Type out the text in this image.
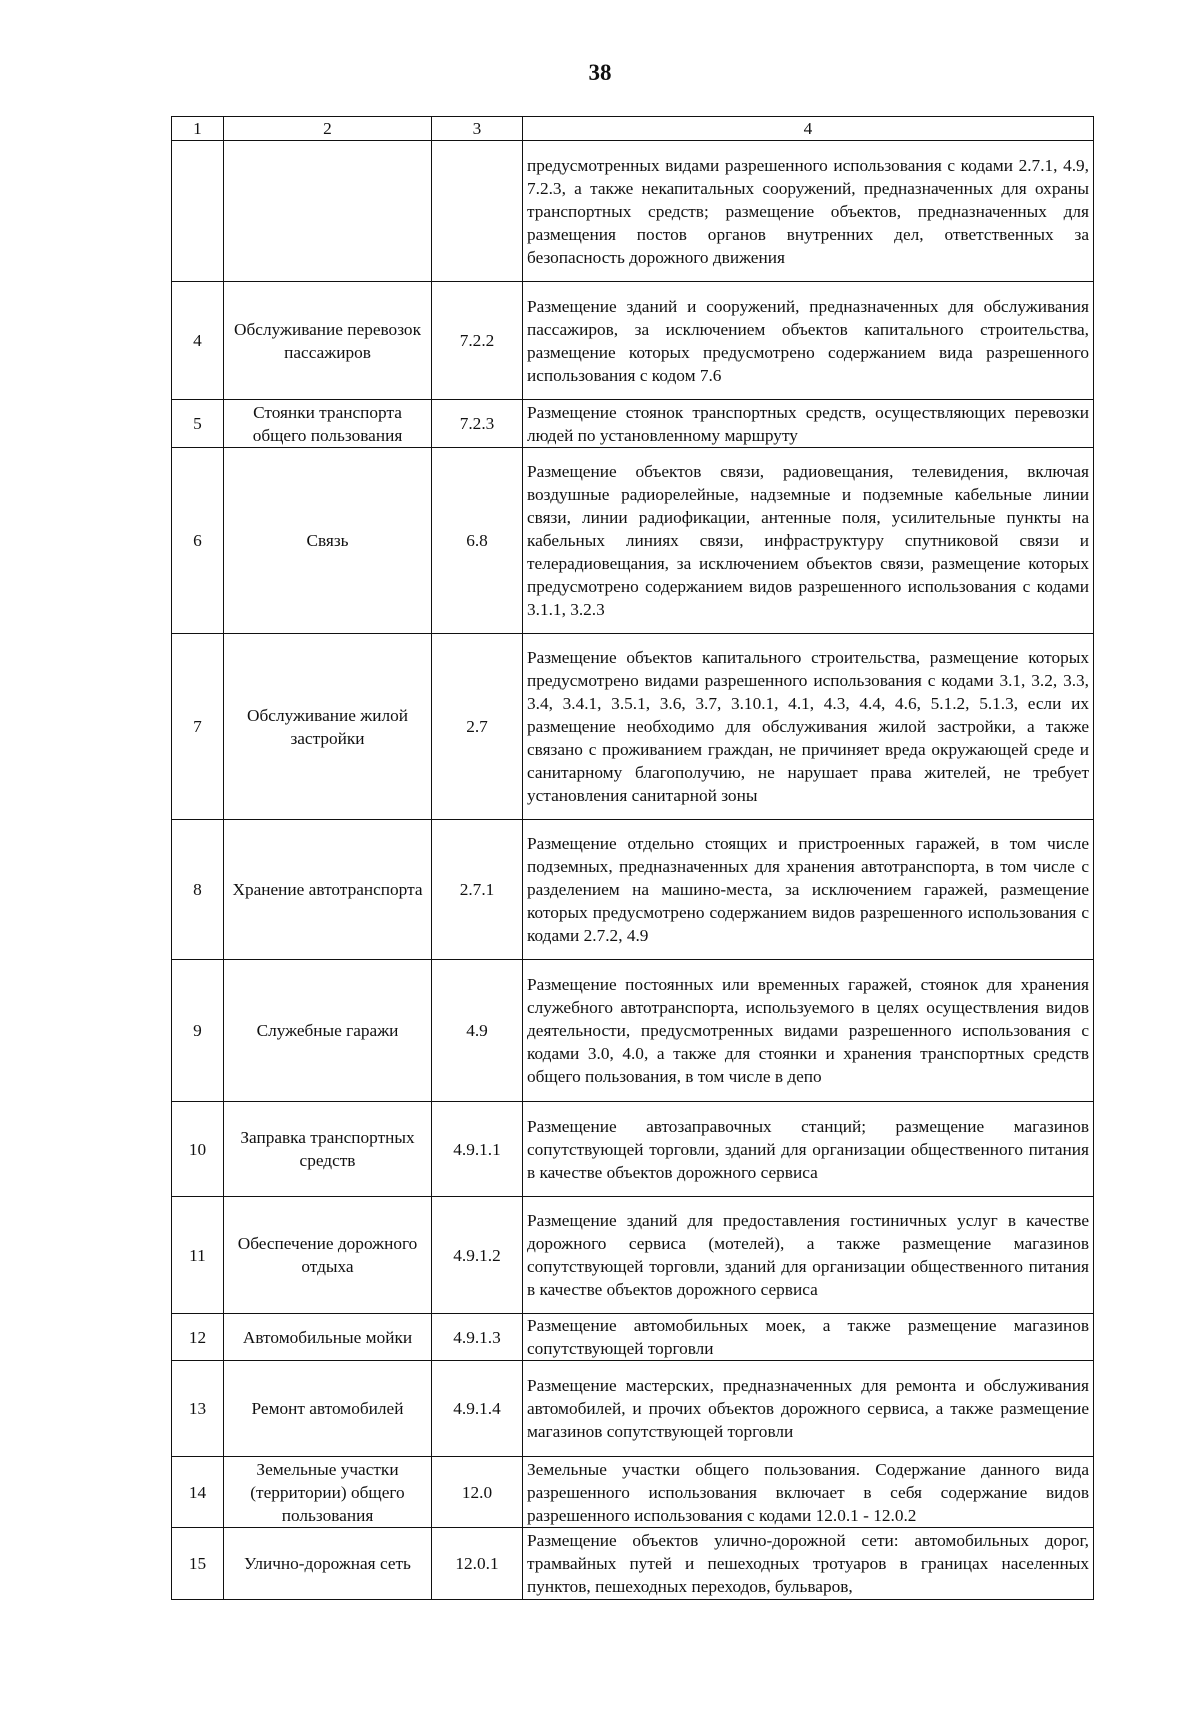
38
1	2	3	4
			предусмотренных видами разрешенного использования с кодами 2.7.1, 4.9, 7.2.3, а также некапитальных сооружений, предназначенных для охраны транспортных средств; размещение объектов, предназначенных для размещения постов органов внутренних дел, ответственных за безопасность дорожного движения
4	Обслуживание перевозок пассажиров	7.2.2	Размещение зданий и сооружений, предназначенных для обслуживания пассажиров, за исключением объектов капитального строительства, размещение которых предусмотрено содержанием вида разрешенного использования с кодом 7.6
5	Стоянки транспорта общего пользования	7.2.3	Размещение стоянок транспортных средств, осуществляющих перевозки людей по установленному маршруту
6	Связь	6.8	Размещение объектов связи, радиовещания, телевидения, включая воздушные радиорелейные, надземные и подземные кабельные линии связи, линии радиофикации, антенные поля, усилительные пункты на кабельных линиях связи, инфраструктуру спутниковой связи и телерадиовещания, за исключением объектов связи, размещение которых предусмотрено содержанием видов разрешенного использования с кодами 3.1.1, 3.2.3
7	Обслуживание жилой застройки	2.7	Размещение объектов капитального строительства, размещение которых предусмотрено видами разрешенного использования с кодами 3.1, 3.2, 3.3, 3.4, 3.4.1, 3.5.1, 3.6, 3.7, 3.10.1, 4.1, 4.3, 4.4, 4.6, 5.1.2, 5.1.3, если их размещение необходимо для обслуживания жилой застройки, а также связано с проживанием граждан, не причиняет вреда окружающей среде и санитарному благополучию, не нарушает права жителей, не требует установления санитарной зоны
8	Хранение автотранспорта	2.7.1	Размещение отдельно стоящих и пристроенных гаражей, в том числе подземных, предназначенных для хранения автотранспорта, в том числе с разделением на машино-места, за исключением гаражей, размещение которых предусмотрено содержанием видов разрешенного использования с кодами 2.7.2, 4.9
9	Служебные гаражи	4.9	Размещение постоянных или временных гаражей, стоянок для хранения служебного автотранспорта, используемого в целях осуществления видов деятельности, предусмотренных видами разрешенного использования с кодами 3.0, 4.0, а также для стоянки и хранения транспортных средств общего пользования, в том числе в депо
10	Заправка транспортных средств	4.9.1.1	Размещение автозаправочных станций; размещение магазинов сопутствующей торговли, зданий для организации общественного питания в качестве объектов дорожного сервиса
11	Обеспечение дорожного отдыха	4.9.1.2	Размещение зданий для предоставления гостиничных услуг в качестве дорожного сервиса (мотелей), а также размещение магазинов сопутствующей торговли, зданий для организации общественного питания в качестве объектов дорожного сервиса
12	Автомобильные мойки	4.9.1.3	Размещение автомобильных моек, а также размещение магазинов сопутствующей торговли
13	Ремонт автомобилей	4.9.1.4	Размещение мастерских, предназначенных для ремонта и обслуживания автомобилей, и прочих объектов дорожного сервиса, а также размещение магазинов сопутствующей торговли
14	Земельные участки (территории) общего пользования	12.0	Земельные участки общего пользования. Содержание данного вида разрешенного использования включает в себя содержание видов разрешенного использования с кодами 12.0.1 - 12.0.2
15	Улично-дорожная сеть	12.0.1	Размещение объектов улично-дорожной сети: автомобильных дорог, трамвайных путей и пешеходных тротуаров в границах населенных пунктов, пешеходных переходов, бульваров,
